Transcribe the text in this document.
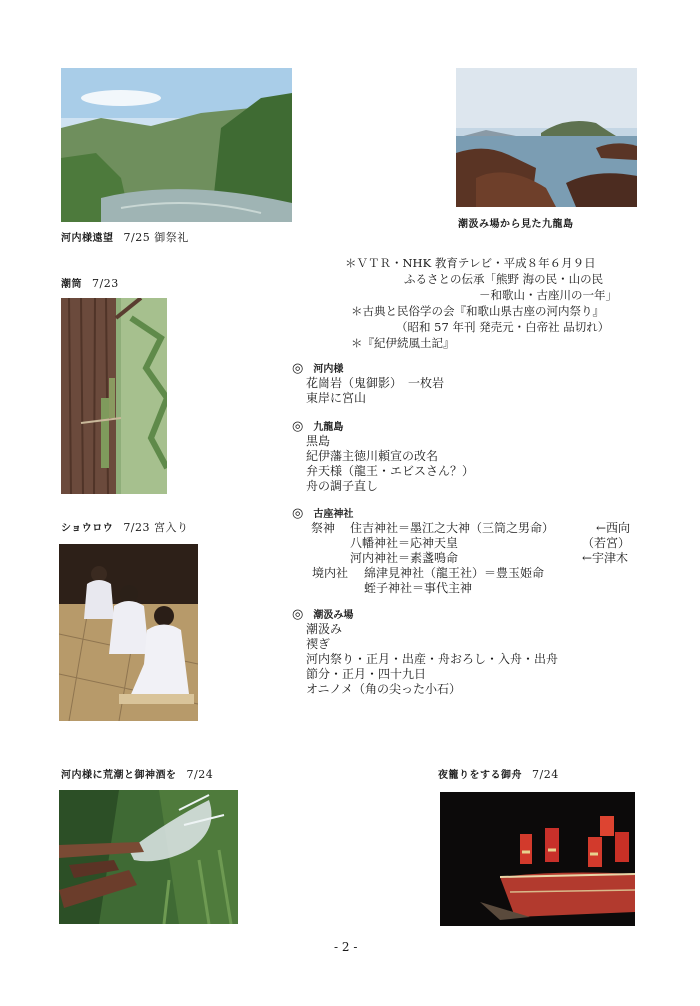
河内様遠望 7/25 御祭礼
潮汲み場から見た九龍島
潮筒 7/23
ショウロウ 7/23 宮入り
＊ＶＴＲ・NHK 教育テレビ・平成８年６月９日
ふるさとの伝承「熊野 海の民・山の民
－和歌山・古座川の一年」
＊古典と民俗学の会『和歌山県古座の河内祭り』
（昭和 57 年刊 発売元・白帝社 品切れ）
＊『紀伊続風土記』
◎ 河内様
花崗岩（鬼御影）　一枚岩
東岸に宮山
◎ 九龍島
黒島
紀伊藩主徳川頼宣の改名
弁天様（龍王・エビスさん？）
舟の調子直し
◎ 古座神社
祭神 住吉神社＝墨江之大神（三筒之男命）
八幡神社＝応神天皇
河内神社＝素盞鳴命
←西向
（若宮）
←宇津木
境内社 綿津見神社（龍王社）＝豊玉姫命
蛭子神社＝事代主神
◎ 潮汲み場
潮汲み
禊ぎ
河内祭り・正月・出産・舟おろし・入舟・出舟
節分・正月・四十九日
オニノメ（角の尖った小石）
河内様に荒潮と御神酒を 7/24	夜籠りをする御舟 7/24
- 2 -
